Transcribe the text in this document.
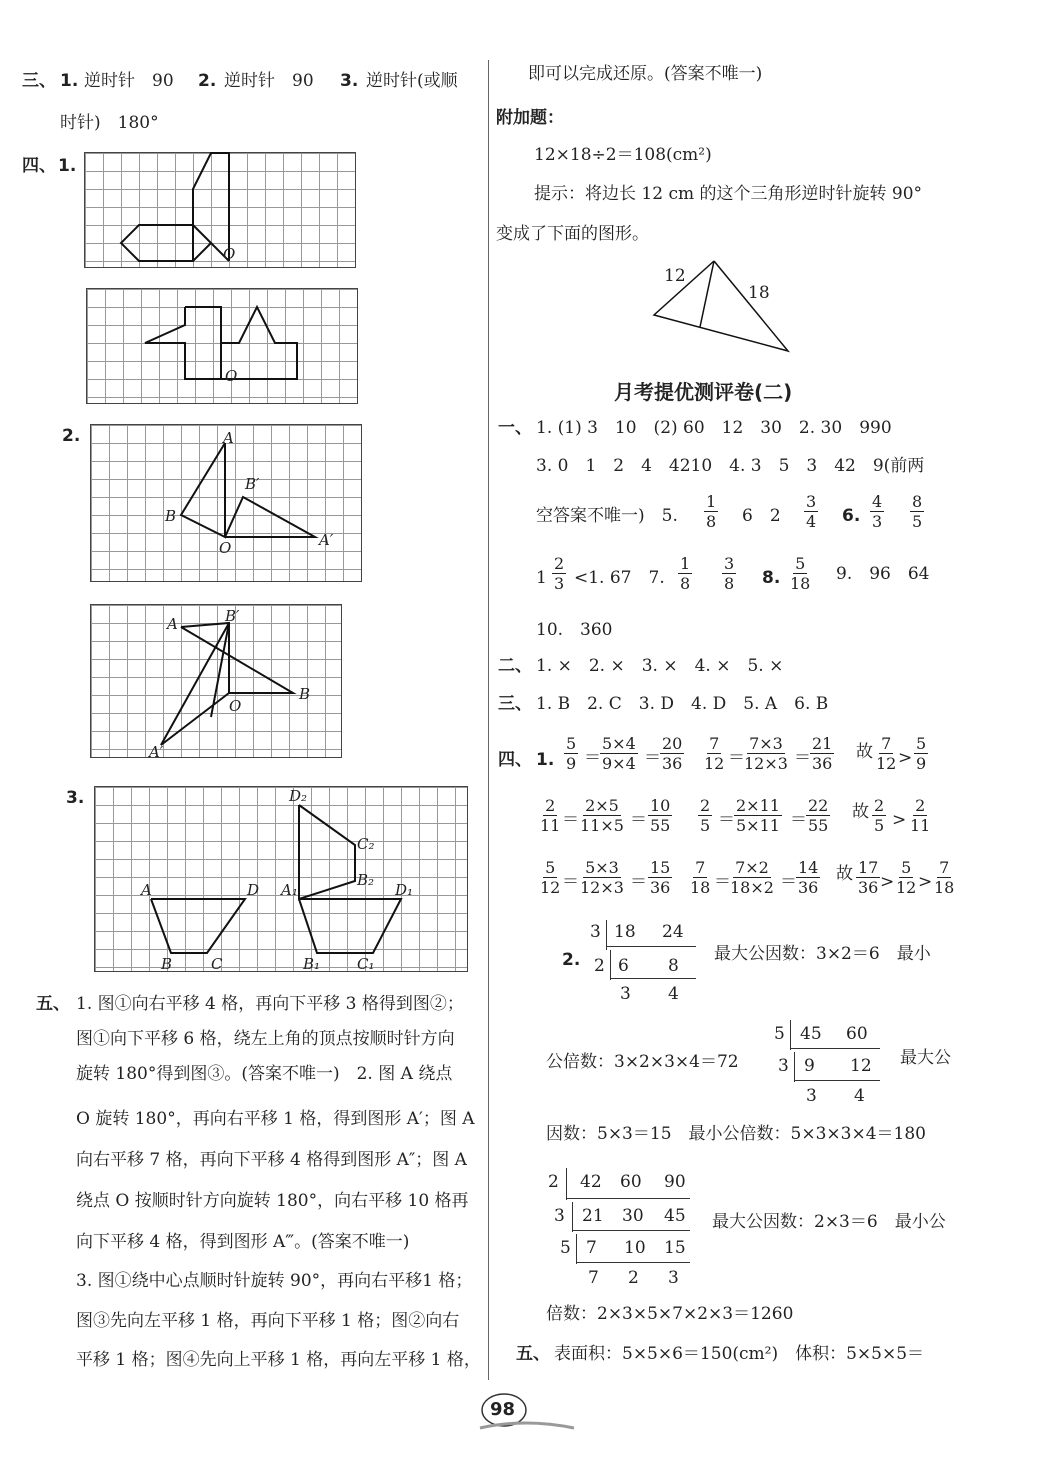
三、 1. 逆时针　90 2. 逆时针　90 3. 逆时针(或顺
时针)　180°
四、 1.
O
O
2.	A
B
B′
O	A′
A	B′
B
O
A′
3.
A	D
B	C
D₂
C₂
B₂
A₁	D₁
B₁ C₁
五、 1. 图①向右平移 4 格，再向下平移 3 格得到图②；
图①向下平移 6 格，绕左上角的顶点按顺时针方向
旋转 180°得到图③。(答案不唯一)　2. 图 A 绕点
O 旋转 180°，再向右平移 1 格，得到图形 A′；图 A
向右平移 7 格，再向下平移 4 格得到图形 A″；图 A
绕点 O 按顺时针方向旋转 180°，向右平移 10 格再
向下平移 4 格，得到图形 A‴。(答案不唯一)
3. 图①绕中心点顺时针旋转 90°，再向右平移1 格；
图③先向左平移 1 格，再向下平移 1 格；图②向右
平移 1 格；图④先向上平移 1 格，再向左平移 1 格，
即可以完成还原。(答案不唯一)
附加题：
12×18÷2＝108(cm²)
提示：将边长 12 cm 的这个三角形逆时针旋转 90°
变成了下面的图形。
12
18
月考提优测评卷(二)
一、 1. (1) 3　10　(2) 60　12　30　2. 30　990
3. 0　1　2　4　4210　4. 3　5　3　42　9(前两
空答案不唯一)　5. $\frac{1}{8} 6$　$2 \frac{3}{4} 6$. $\frac{4}{3} \frac{8}{5}$
$1 \frac{2}{3} <1$. 67　7. $\frac{1}{8} \frac{3}{8} 8$. $\frac{5}{18} 9$.　96　64
10.　360
二、 1. ×　2. ×　3. ×　4. ×　5. ×
三、 1. B　2. C　3. D　4. D　5. A　6. B
四、 1. $\frac{5}{9} = \frac{5\times 4}{9\times 4} = \frac{20}{36} \frac{7}{12} = \frac{7\times 3}{12\times 3} = \frac{21}{36}$ 故 $\frac{7}{12} > \frac{5}{9}$
$\frac{2}{11} = \frac{2\times 5}{11\times 5} = \frac{10}{55} \frac{2}{5} = \frac{2\times 11}{5\times 11} = \frac{22}{55}$ 故 $\frac{2}{5} > \frac{2}{11}$
$\frac{5}{12} = \frac{5\times 3}{12\times 3} = \frac{15}{36} \frac{7}{18} = \frac{7\times 2}{18\times 2} = \frac{14}{36}$ 故 $\frac{17}{36} > \frac{5}{12} > \frac{7}{18}$
2.
3 18 24
2 6 8
3 4
最大公因数：3×2＝6　最小
公倍数：3×2×3×4＝72
5 45 60
3 9 12
3 4
最大公
因数：5×3＝15　最小公倍数：5×3×3×4＝180
2 42 60 90
3 21 30 45
5 7 10 15
7 2 3
最大公因数：2×3＝6　最小公
倍数：2×3×5×7×2×3＝1260
五、 表面积：5×5×6＝150(cm²)　体积：5×5×5＝
98
